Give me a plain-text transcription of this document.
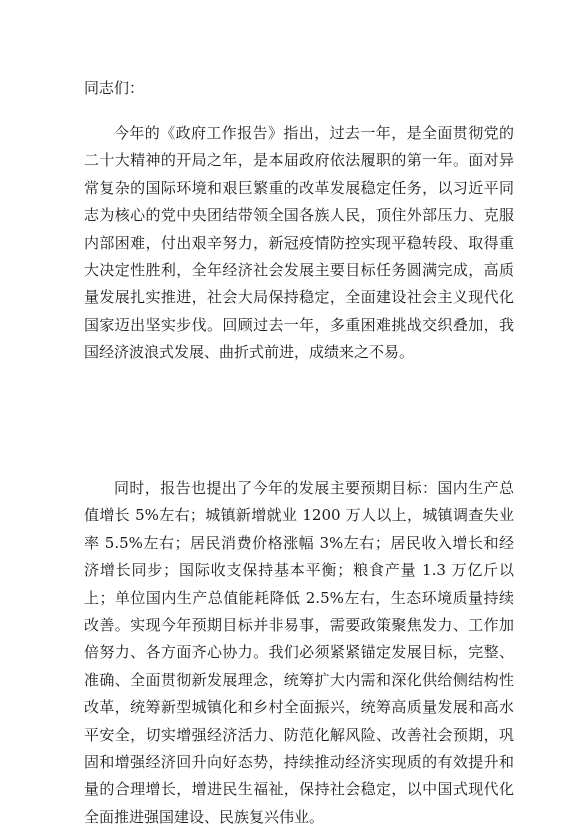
同志们：

今年的《政府工作报告》指出，过去一年，是全面贯彻党的二十大精神的开局之年，是本届政府依法履职的第一年。面对异常复杂的国际环境和艰巨繁重的改革发展稳定任务，以习近平同志为核心的党中央团结带领全国各族人民，顶住外部压力、克服内部困难，付出艰辛努力，新冠疫情防控实现平稳转段、取得重大决定性胜利，全年经济社会发展主要目标任务圆满完成，高质量发展扎实推进，社会大局保持稳定，全面建设社会主义现代化国家迈出坚实步伐。回顾过去一年，多重困难挑战交织叠加，我国经济波浪式发展、曲折式前进，成绩来之不易。

同时，报告也提出了今年的发展主要预期目标：国内生产总值增长 5%左右；城镇新增就业 1200 万人以上，城镇调查失业率 5.5%左右；居民消费价格涨幅 3%左右；居民收入增长和经济增长同步；国际收支保持基本平衡；粮食产量 1.3 万亿斤以上；单位国内生产总值能耗降低 2.5%左右，生态环境质量持续改善。实现今年预期目标并非易事，需要政策聚焦发力、工作加倍努力、各方面齐心协力。我们必须紧紧锚定发展目标，完整、准确、全面贯彻新发展理念，统筹扩大内需和深化供给侧结构性改革，统筹新型城镇化和乡村全面振兴，统筹高质量发展和高水平安全，切实增强经济活力、防范化解风险、改善社会预期，巩固和增强经济回升向好态势，持续推动经济实现质的有效提升和量的合理增长，增进民生福祉，保持社会稳定，以中国式现代化全面推进强国建设、民族复兴伟业。
